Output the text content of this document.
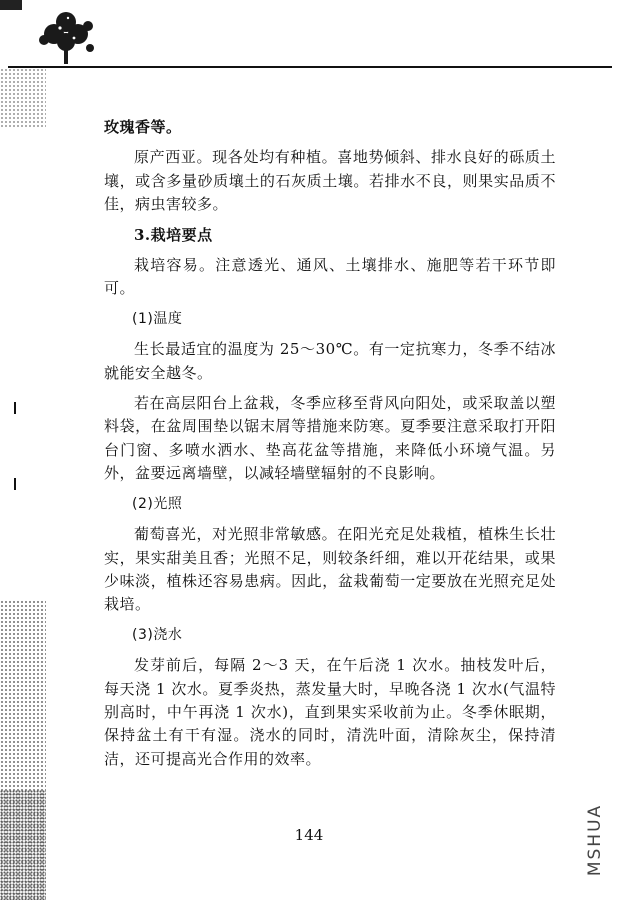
玫瑰香等。

原产西亚。现各处均有种植。喜地势倾斜、排水良好的砾质土壤，或含多量砂质壤土的石灰质土壤。若排水不良，则果实品质不佳，病虫害较多。

3.栽培要点

栽培容易。注意透光、通风、土壤排水、施肥等若干环节即可。

(1)温度

生长最适宜的温度为 25～30℃。有一定抗寒力，冬季不结冰就能安全越冬。

若在高层阳台上盆栽，冬季应移至背风向阳处，或采取盖以塑料袋，在盆周围垫以锯末屑等措施来防寒。夏季要注意采取打开阳台门窗、多喷水洒水、垫高花盆等措施，来降低小环境气温。另外，盆要远离墙壁，以减轻墙壁辐射的不良影响。

(2)光照

葡萄喜光，对光照非常敏感。在阳光充足处栽植，植株生长壮实，果实甜美且香；光照不足，则较条纤细，难以开花结果，或果少味淡，植株还容易患病。因此，盆栽葡萄一定要放在光照充足处栽培。

(3)浇水

发芽前后，每隔 2～3 天，在午后浇 1 次水。抽枝发叶后，每天浇 1 次水。夏季炎热，蒸发量大时，早晚各浇 1 次水(气温特别高时，中午再浇 1 次水)，直到果实采收前为止。冬季休眠期，保持盆土有干有湿。浇水的同时，清洗叶面，清除灰尘，保持清洁，还可提高光合作用的效率。

144	MSHUA
